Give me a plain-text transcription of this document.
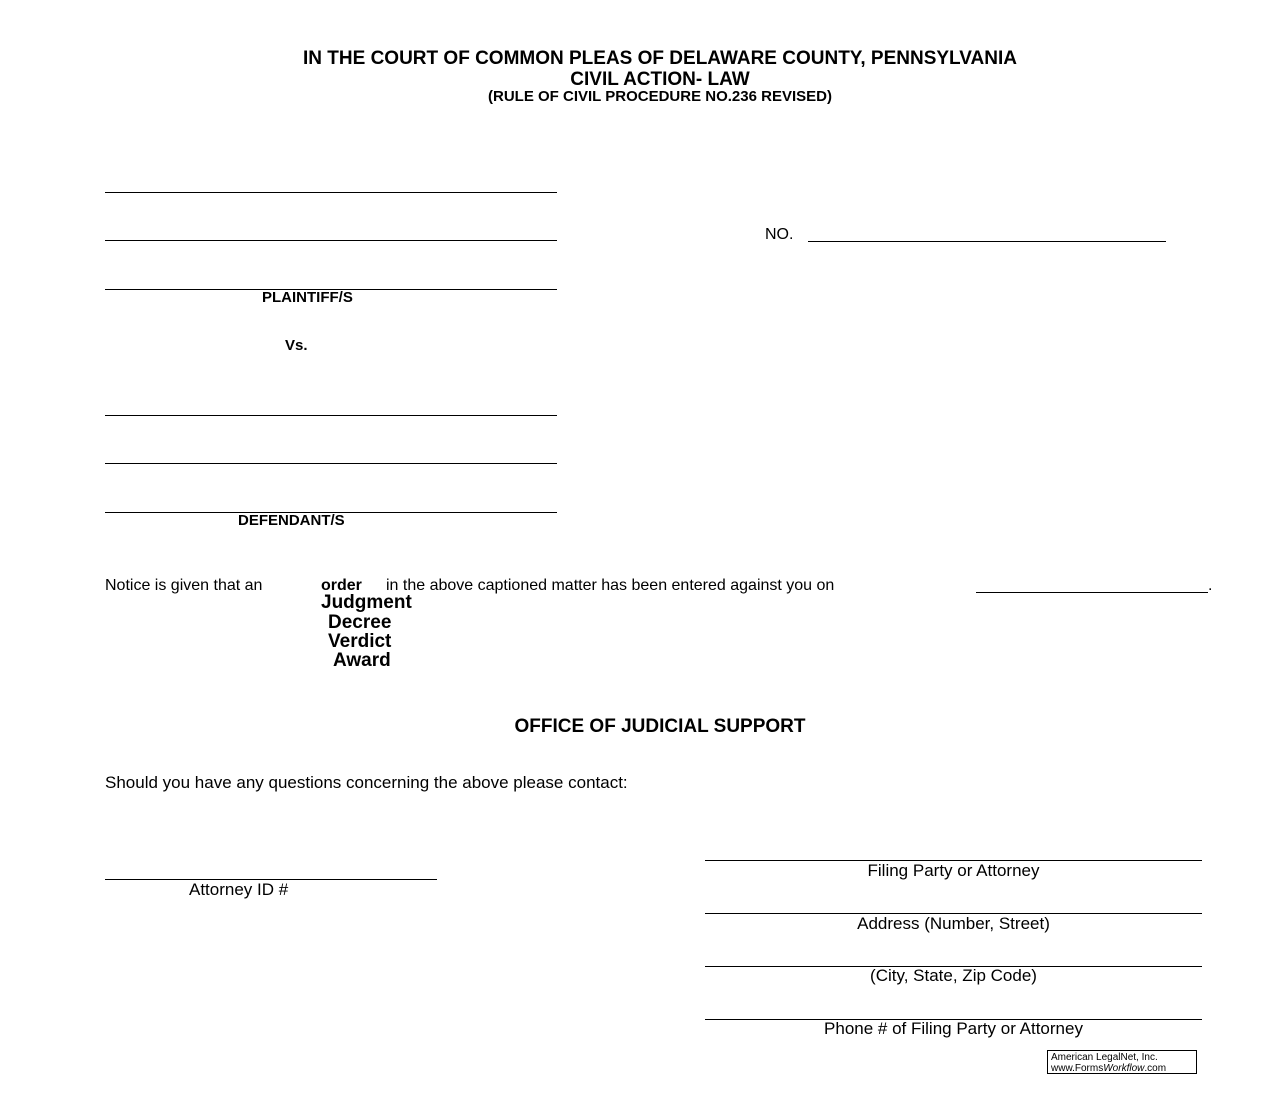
IN THE COURT OF COMMON PLEAS OF DELAWARE COUNTY, PENNSYLVANIA
CIVIL ACTION- LAW
(RULE OF CIVIL PROCEDURE NO.236 REVISED)
PLAINTIFF/S
Vs.
NO.
DEFENDANT/S
Notice is given that an	order in the above captioned matter has been entered against you on	.
Judgment
Decree
Verdict
Award
OFFICE OF JUDICIAL SUPPORT
Should you have any questions concerning the above please contact:
Attorney ID #
Filing Party or Attorney
Address (Number, Street)
(City, State, Zip Code)
Phone # of Filing Party or Attorney
American LegalNet, Inc.
www.FormsWorkflow.com
